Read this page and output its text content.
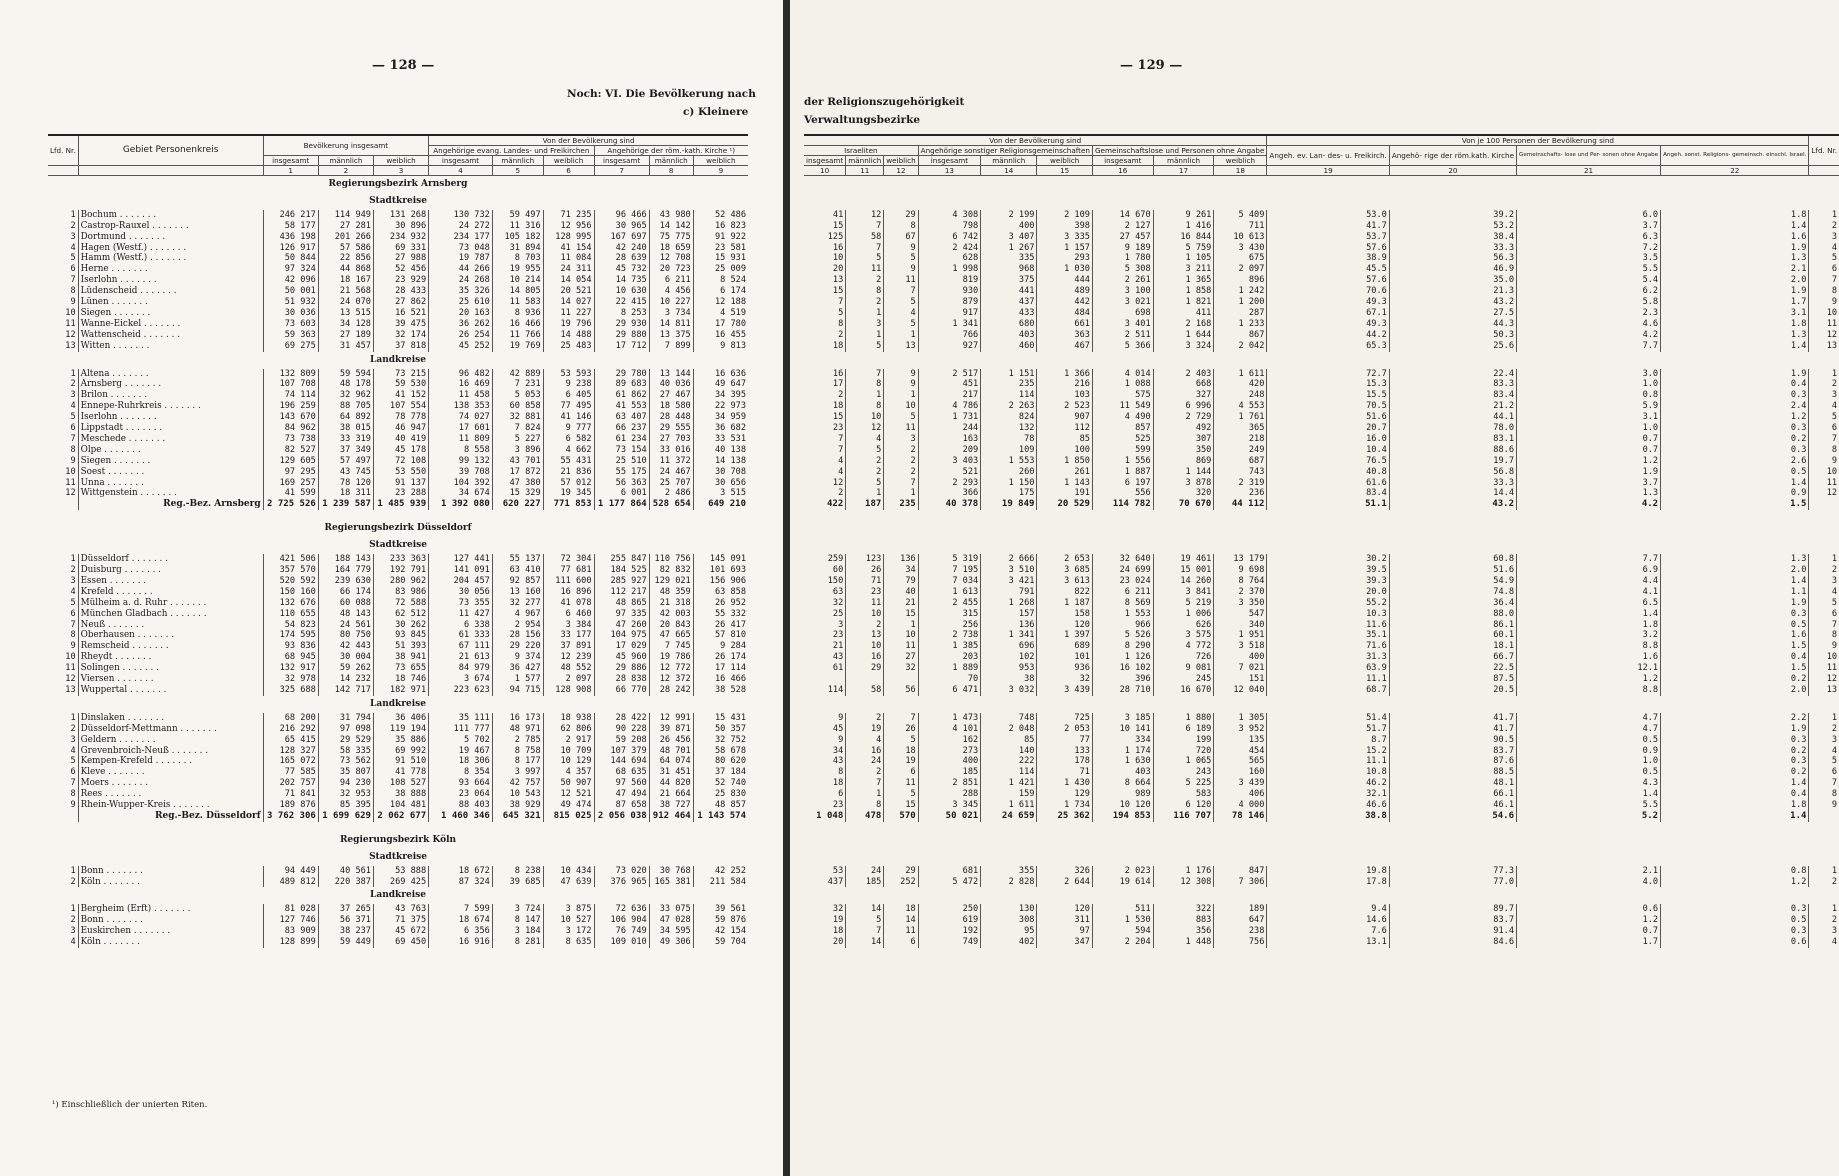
— 128 —
Noch: VI. Die Bevölkerung nach
c) Kleinere
Lfd. Nr.	Gebiet Personenkreis	Bevölkerung insgesamt			Von der Bevölkerung sind					
					Angehörige evang. Landes- und Freikirchen			Angehörige der röm.-kath. Kirche ¹)		
		insgesamt	männlich	weiblich	insgesamt	männlich	weiblich	insgesamt	männlich	weiblich
		1	2	3	4	5	6	7	8	9
Regierungsbezirk Arnsberg										
Stadtkreise										
1	Bochum . . . . . . .	246 217	114 949	131 268	130 732	59 497	71 235	96 466	43 980	52 486
2	Castrop-Rauxel . . . . . . .	58 177	27 281	30 896	24 272	11 316	12 956	30 965	14 142	16 823
3	Dortmund . . . . . . .	436 198	201 266	234 932	234 177	105 182	128 995	167 697	75 775	91 922
4	Hagen (Westf.) . . . . . . .	126 917	57 586	69 331	73 048	31 894	41 154	42 240	18 659	23 581
5	Hamm (Westf.) . . . . . . .	50 844	22 856	27 988	19 787	8 703	11 084	28 639	12 708	15 931
6	Herne . . . . . . .	97 324	44 868	52 456	44 266	19 955	24 311	45 732	20 723	25 009
7	Iserlohn . . . . . . .	42 096	18 167	23 929	24 268	10 214	14 054	14 735	6 211	8 524
8	Lüdenscheid . . . . . . .	50 001	21 568	28 433	35 326	14 805	20 521	10 630	4 456	6 174
9	Lünen . . . . . . .	51 932	24 070	27 862	25 610	11 583	14 027	22 415	10 227	12 188
10	Siegen . . . . . . .	30 036	13 515	16 521	20 163	8 936	11 227	8 253	3 734	4 519
11	Wanne-Eickel . . . . . . .	73 603	34 128	39 475	36 262	16 466	19 796	29 930	14 811	17 780
12	Wattenscheid . . . . . . .	59 363	27 189	32 174	26 254	11 766	14 488	29 880	13 375	16 455
13	Witten . . . . . . .	69 275	31 457	37 818	45 252	19 769	25 483	17 712	7 899	9 813
Landkreise										
1	Altena . . . . . . .	132 809	59 594	73 215	96 482	42 889	53 593	29 780	13 144	16 636
2	Arnsberg . . . . . . .	107 708	48 178	59 530	16 469	7 231	9 238	89 683	40 036	49 647
3	Brilon . . . . . . .	74 114	32 962	41 152	11 458	5 053	6 405	61 862	27 467	34 395
4	Ennepe-Ruhrkreis . . . . . . .	196 259	88 705	107 554	138 353	60 858	77 495	41 553	18 580	22 973
5	Iserlohn . . . . . . .	143 670	64 892	78 778	74 027	32 881	41 146	63 407	28 448	34 959
6	Lippstadt . . . . . . .	84 962	38 015	46 947	17 601	7 824	9 777	66 237	29 555	36 682
7	Meschede . . . . . . .	73 738	33 319	40 419	11 809	5 227	6 582	61 234	27 703	33 531
8	Olpe . . . . . . .	82 527	37 349	45 178	8 558	3 896	4 662	73 154	33 016	40 138
9	Siegen . . . . . . .	129 605	57 497	72 108	99 132	43 701	55 431	25 510	11 372	14 138
10	Soest . . . . . . .	97 295	43 745	53 550	39 708	17 872	21 836	55 175	24 467	30 708
11	Unna . . . . . . .	169 257	78 120	91 137	104 392	47 380	57 012	56 363	25 707	30 656
12	Wittgenstein . . . . . . .	41 599	18 311	23 288	34 674	15 329	19 345	6 001	2 486	3 515
	Reg.-Bez. Arnsberg	2 725 526	1 239 587	1 485 939	1 392 080	620 227	771 853	1 177 864	528 654	649 210

Regierungsbezirk Düsseldorf										
Stadtkreise										
1	Düsseldorf . . . . . . .	421 506	188 143	233 363	127 441	55 137	72 304	255 847	110 756	145 091
2	Duisburg . . . . . . .	357 570	164 779	192 791	141 091	63 410	77 681	184 525	82 832	101 693
3	Essen . . . . . . .	520 592	239 630	280 962	204 457	92 857	111 600	285 927	129 021	156 906
4	Krefeld . . . . . . .	150 160	66 174	83 986	30 056	13 160	16 896	112 217	48 359	63 858
5	Mülheim a. d. Ruhr . . . . . . .	132 676	60 088	72 588	73 355	32 277	41 078	48 865	21 318	26 952
6	München Gladbach . . . . . . .	110 655	48 143	62 512	11 427	4 967	6 460	97 335	42 003	55 332
7	Neuß . . . . . . .	54 823	24 561	30 262	6 338	2 954	3 384	47 260	20 843	26 417
8	Oberhausen . . . . . . .	174 595	80 750	93 845	61 333	28 156	33 177	104 975	47 665	57 810
9	Remscheid . . . . . . .	93 836	42 443	51 393	67 111	29 220	37 891	17 029	7 745	9 284
10	Rheydt . . . . . . .	68 945	30 004	38 941	21 613	9 374	12 239	45 960	19 786	26 174
11	Solingen . . . . . . .	132 917	59 262	73 655	84 979	36 427	48 552	29 886	12 772	17 114
12	Viersen . . . . . . .	32 978	14 232	18 746	3 674	1 577	2 097	28 838	12 372	16 466
13	Wuppertal . . . . . . .	325 688	142 717	182 971	223 623	94 715	128 908	66 770	28 242	38 528
Landkreise										
1	Dinslaken . . . . . . .	68 200	31 794	36 406	35 111	16 173	18 938	28 422	12 991	15 431
2	Düsseldorf-Mettmann . . . . . . .	216 292	97 098	119 194	111 777	48 971	62 806	90 228	39 871	50 357
3	Geldern . . . . . . .	65 415	29 529	35 886	5 702	2 785	2 917	59 208	26 456	32 752
4	Grevenbroich-Neuß . . . . . . .	128 327	58 335	69 992	19 467	8 758	10 709	107 379	48 701	58 678
5	Kempen-Krefeld . . . . . . .	165 072	73 562	91 510	18 306	8 177	10 129	144 694	64 074	80 620
6	Kleve . . . . . . .	77 585	35 807	41 778	8 354	3 997	4 357	68 635	31 451	37 184
7	Moers . . . . . . .	202 757	94 230	108 527	93 664	42 757	50 907	97 560	44 820	52 740
8	Rees . . . . . . .	71 841	32 953	38 888	23 064	10 543	12 521	47 494	21 664	25 830
9	Rhein-Wupper-Kreis . . . . . . .	189 876	85 395	104 481	88 403	38 929	49 474	87 658	38 727	48 857
	Reg.-Bez. Düsseldorf	3 762 306	1 699 629	2 062 677	1 460 346	645 321	815 025	2 056 038	912 464	1 143 574

Regierungsbezirk Köln										
Stadtkreise										
1	Bonn . . . . . . .	94 449	40 561	53 888	18 672	8 238	10 434	73 020	30 768	42 252
2	Köln . . . . . . .	489 812	220 387	269 425	87 324	39 685	47 639	376 965	165 381	211 584
Landkreise										
1	Bergheim (Erft) . . . . . . .	81 028	37 265	43 763	7 599	3 724	3 875	72 636	33 075	39 561
2	Bonn . . . . . . .	127 746	56 371	71 375	18 674	8 147	10 527	106 904	47 028	59 876
3	Euskirchen . . . . . . .	83 909	38 237	45 672	6 356	3 184	3 172	76 749	34 595	42 154
4	Köln . . . . . . .	128 899	59 449	69 450	16 916	8 281	8 635	109 010	49 306	59 704
¹) Einschließlich der unierten Riten.
— 129 —
der Religionszugehörigkeit
Verwaltungsbezirke
Von der Bevölkerung sind									Von je 100 Personen der Bevölkerung sind				Lfd. Nr.
Israeliten			Angehörige sonstiger Religionsgemeinschaften			Gemeinschaftslose und Personen ohne Angabe			Angeh. ev. Lan- des- u. Freikirch.	Angehö- rige der röm.kath. Kirche	Gemeinschafts- lose und Per- sonen ohne Angabe	Angeh. sonst. Religions- gemeinsch. einschl. Israel.	
insgesamt	männlich	weiblich	insgesamt	männlich	weiblich	insgesamt	männlich	weiblich					
10	11	12	13	14	15	16	17	18	19	20	21	22	

41	12	29	4 308	2 199	2 109	14 670	9 261	5 409	53.0	39.2	6.0	1.8	1
15	7	8	798	400	398	2 127	1 416	711	41.7	53.2	3.7	1.4	2
125	58	67	6 742	3 407	3 335	27 457	16 844	10 613	53.7	38.4	6.3	1.6	3
16	7	9	2 424	1 267	1 157	9 189	5 759	3 430	57.6	33.3	7.2	1.9	4
10	5	5	628	335	293	1 780	1 105	675	38.9	56.3	3.5	1.3	5
20	11	9	1 998	968	1 030	5 308	3 211	2 097	45.5	46.9	5.5	2.1	6
13	2	11	819	375	444	2 261	1 365	896	57.6	35.0	5.4	2.0	7
15	8	7	930	441	489	3 100	1 858	1 242	70.6	21.3	6.2	1.9	8
7	2	5	879	437	442	3 021	1 821	1 200	49.3	43.2	5.8	1.7	9
5	1	4	917	433	484	698	411	287	67.1	27.5	2.3	3.1	10
8	3	5	1 341	680	661	3 401	2 168	1 233	49.3	44.3	4.6	1.8	11
2	1	1	766	403	363	2 511	1 644	867	44.2	50.3	4.2	1.3	12
18	5	13	927	460	467	5 366	3 324	2 042	65.3	25.6	7.7	1.4	13

16	7	9	2 517	1 151	1 366	4 014	2 403	1 611	72.7	22.4	3.0	1.9	1
17	8	9	451	235	216	1 088	668	420	15.3	83.3	1.0	0.4	2
2	1	1	217	114	103	575	327	248	15.5	83.4	0.8	0.3	3
18	8	10	4 786	2 263	2 523	11 549	6 996	4 553	70.5	21.2	5.9	2.4	4
15	10	5	1 731	824	907	4 490	2 729	1 761	51.6	44.1	3.1	1.2	5
23	12	11	244	132	112	857	492	365	20.7	78.0	1.0	0.3	6
7	4	3	163	78	85	525	307	218	16.0	83.1	0.7	0.2	7
7	5	2	209	109	100	599	350	249	10.4	88.6	0.7	0.3	8
4	2	2	3 403	1 553	1 850	1 556	869	687	76.5	19.7	1.2	2.6	9
4	2	2	521	260	261	1 887	1 144	743	40.8	56.8	1.9	0.5	10
12	5	7	2 293	1 150	1 143	6 197	3 878	2 319	61.6	33.3	3.7	1.4	11
2	1	1	366	175	191	556	320	236	83.4	14.4	1.3	0.9	12
422	187	235	40 378	19 849	20 529	114 782	70 670	44 112	51.1	43.2	4.2	1.5	

259	123	136	5 319	2 666	2 653	32 640	19 461	13 179	30.2	60.8	7.7	1.3	1
60	26	34	7 195	3 510	3 685	24 699	15 001	9 698	39.5	51.6	6.9	2.0	2
150	71	79	7 034	3 421	3 613	23 024	14 260	8 764	39.3	54.9	4.4	1.4	3
63	23	40	1 613	791	822	6 211	3 841	2 370	20.0	74.8	4.1	1.1	4
32	11	21	2 455	1 268	1 187	8 569	5 219	3 350	55.2	36.4	6.5	1.9	5
25	10	15	315	157	158	1 553	1 006	547	10.3	88.0	1.4	0.3	6
3	2	1	256	136	120	966	626	340	11.6	86.1	1.8	0.5	7
23	13	10	2 738	1 341	1 397	5 526	3 575	1 951	35.1	60.1	3.2	1.6	8
21	10	11	1 385	696	689	8 290	4 772	3 518	71.6	18.1	8.8	1.5	9
43	16	27	203	102	101	1 126	726	400	31.3	66.7	1.6	0.4	10
61	29	32	1 889	953	936	16 102	9 081	7 021	63.9	22.5	12.1	1.5	11
			70	38	32	396	245	151	11.1	87.5	1.2	0.2	12
114	58	56	6 471	3 032	3 439	28 710	16 670	12 040	68.7	20.5	8.8	2.0	13

9	2	7	1 473	748	725	3 185	1 880	1 305	51.4	41.7	4.7	2.2	1
45	19	26	4 101	2 048	2 053	10 141	6 189	3 952	51.7	41.7	4.7	1.9	2
9	4	5	162	85	77	334	199	135	8.7	90.5	0.5	0.3	3
34	16	18	273	140	133	1 174	720	454	15.2	83.7	0.9	0.2	4
43	24	19	400	222	178	1 630	1 065	565	11.1	87.6	1.0	0.3	5
8	2	6	185	114	71	403	243	160	10.8	88.5	0.5	0.2	6
18	7	11	2 851	1 421	1 430	8 664	5 225	3 439	46.2	48.1	4.3	1.4	7
6	1	5	288	159	129	989	583	406	32.1	66.1	1.4	0.4	8
23	8	15	3 345	1 611	1 734	10 120	6 120	4 000	46.6	46.1	5.5	1.8	9
1 048	478	570	50 021	24 659	25 362	194 853	116 707	78 146	38.8	54.6	5.2	1.4	

53	24	29	681	355	326	2 023	1 176	847	19.8	77.3	2.1	0.8	1
437	185	252	5 472	2 828	2 644	19 614	12 308	7 306	17.8	77.0	4.0	1.2	2

32	14	18	250	130	120	511	322	189	9.4	89.7	0.6	0.3	1
19	5	14	619	308	311	1 530	883	647	14.6	83.7	1.2	0.5	2
18	7	11	192	95	97	594	356	238	7.6	91.4	0.7	0.3	3
20	14	6	749	402	347	2 204	1 448	756	13.1	84.6	1.7	0.6	4
